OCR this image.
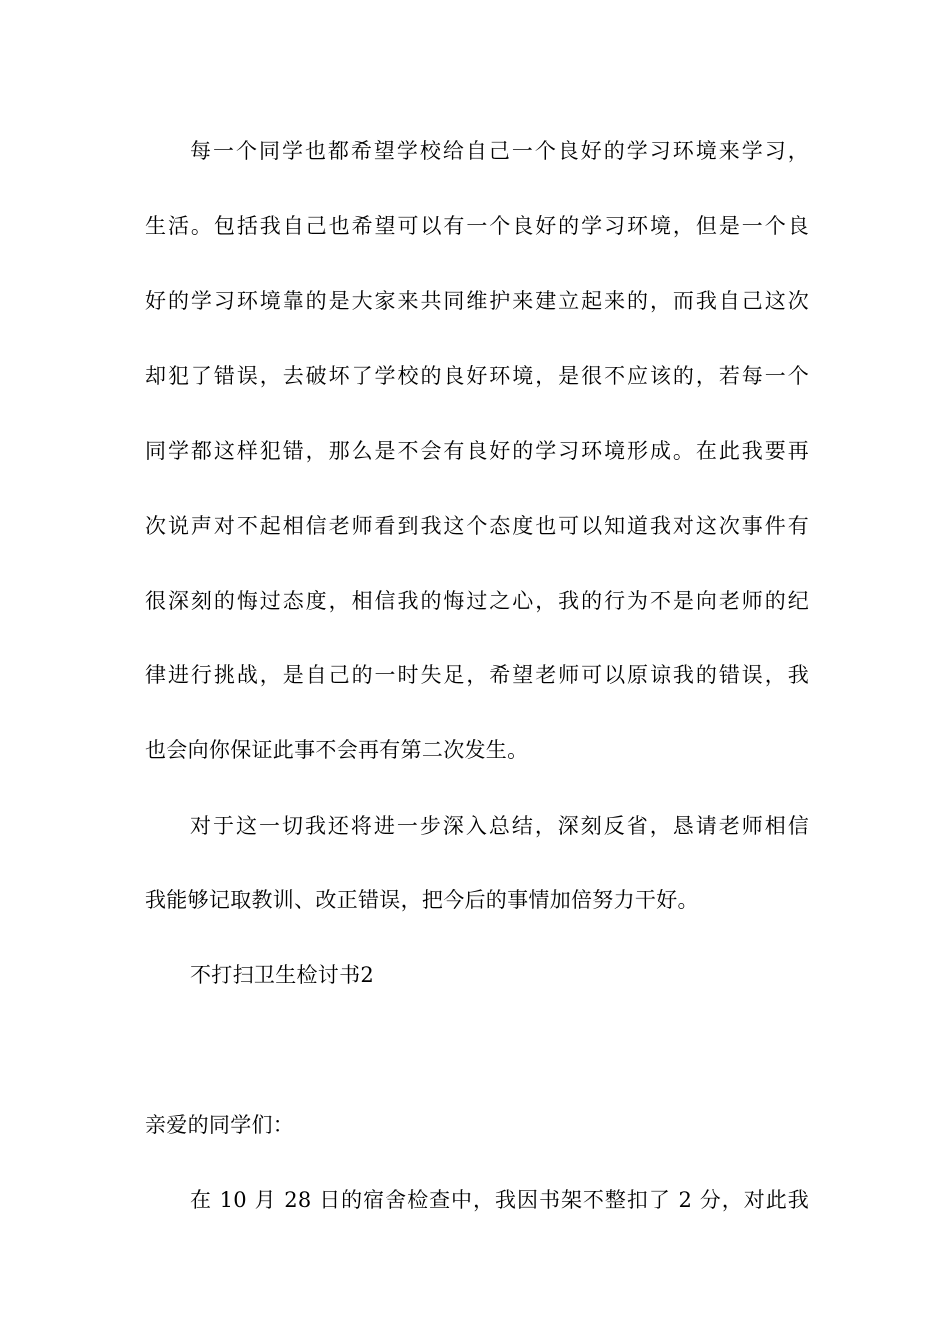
每一个同学也都希望学校给自己一个良好的学习环境来学习，
生活。包括我自己也希望可以有一个良好的学习环境，但是一个良
好的学习环境靠的是大家来共同维护来建立起来的，而我自己这次
却犯了错误，去破坏了学校的良好环境，是很不应该的，若每一个
同学都这样犯错，那么是不会有良好的学习环境形成。在此我要再
次说声对不起相信老师看到我这个态度也可以知道我对这次事件有
很深刻的悔过态度，相信我的悔过之心，我的行为不是向老师的纪
律进行挑战，是自己的一时失足，希望老师可以原谅我的错误，我
也会向你保证此事不会再有第二次发生。
对于这一切我还将进一步深入总结，深刻反省，恳请老师相信
我能够记取教训、改正错误，把今后的事情加倍努力干好。
不打扫卫生检讨书2
亲爱的同学们：
在 10 月 28 日的宿舍检查中，我因书架不整扣了 2 分，对此我
